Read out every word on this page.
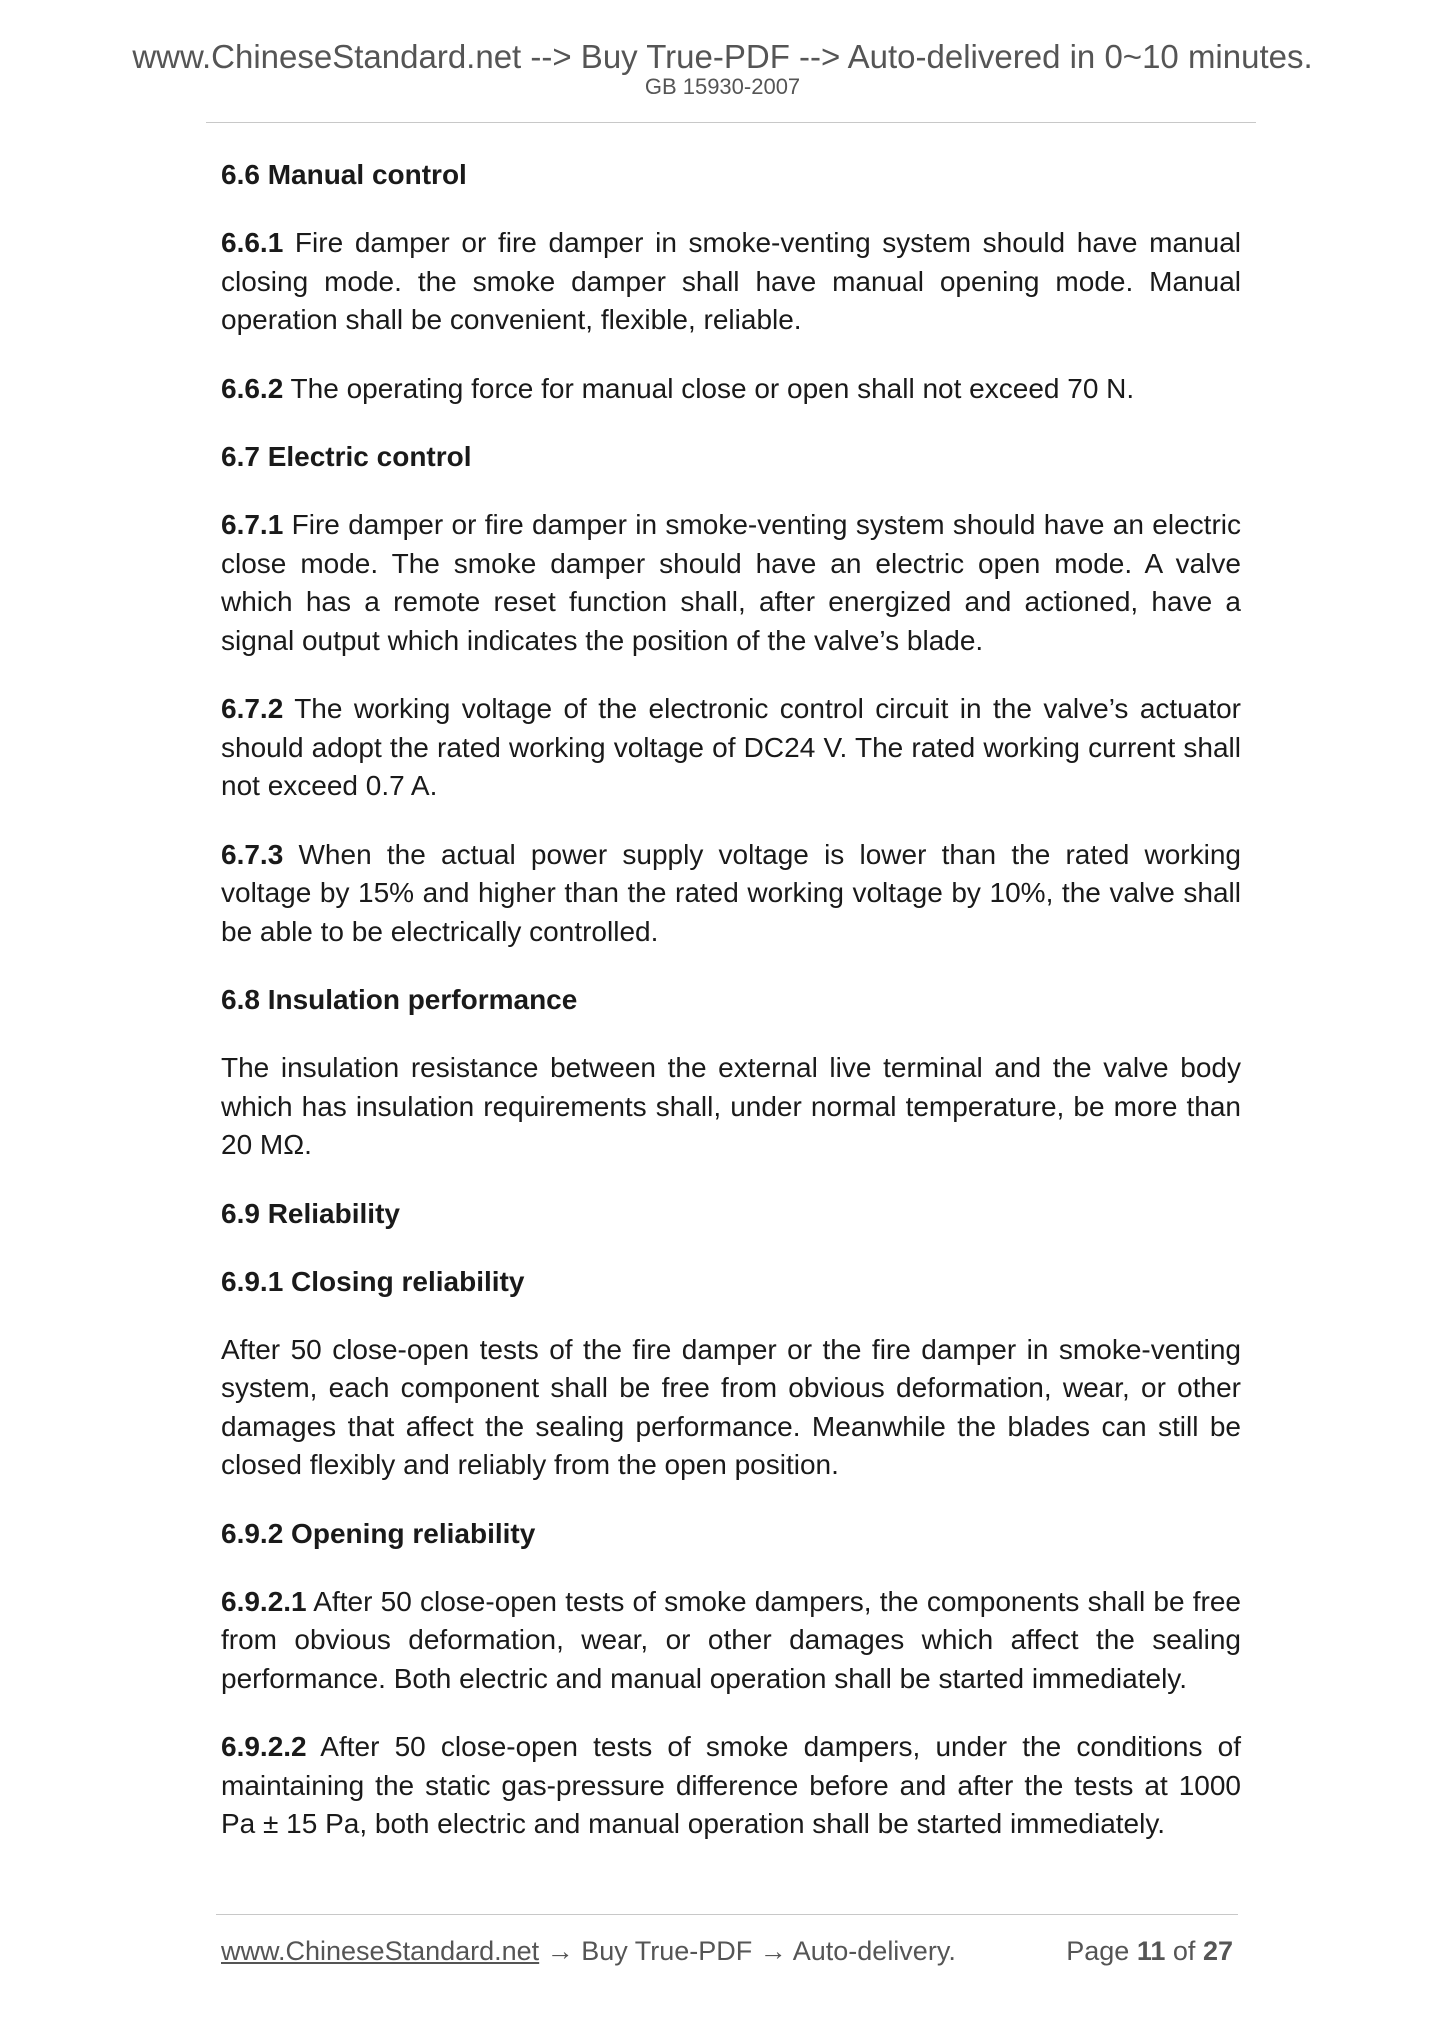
www.ChineseStandard.net --> Buy True-PDF --> Auto-delivered in 0~10 minutes.
GB 15930-2007
6.6 Manual control
6.6.1 Fire damper or fire damper in smoke-venting system should have manual closing mode. the smoke damper shall have manual opening mode. Manual operation shall be convenient, flexible, reliable.
6.6.2 The operating force for manual close or open shall not exceed 70 N.
6.7 Electric control
6.7.1 Fire damper or fire damper in smoke-venting system should have an electric close mode. The smoke damper should have an electric open mode. A valve which has a remote reset function shall, after energized and actioned, have a signal output which indicates the position of the valve’s blade.
6.7.2 The working voltage of the electronic control circuit in the valve’s actuator should adopt the rated working voltage of DC24 V. The rated working current shall not exceed 0.7 A.
6.7.3 When the actual power supply voltage is lower than the rated working voltage by 15% and higher than the rated working voltage by 10%, the valve shall be able to be electrically controlled.
6.8 Insulation performance
The insulation resistance between the external live terminal and the valve body which has insulation requirements shall, under normal temperature, be more than 20 MΩ.
6.9 Reliability
6.9.1 Closing reliability
After 50 close-open tests of the fire damper or the fire damper in smoke-venting system, each component shall be free from obvious deformation, wear, or other damages that affect the sealing performance. Meanwhile the blades can still be closed flexibly and reliably from the open position.
6.9.2 Opening reliability
6.9.2.1 After 50 close-open tests of smoke dampers, the components shall be free from obvious deformation, wear, or other damages which affect the sealing performance. Both electric and manual operation shall be started immediately.
6.9.2.2 After 50 close-open tests of smoke dampers, under the conditions of maintaining the static gas-pressure difference before and after the tests at 1000 Pa ± 15 Pa, both electric and manual operation shall be started immediately.
www.ChineseStandard.net → Buy True-PDF → Auto-delivery.	Page 11 of 27
